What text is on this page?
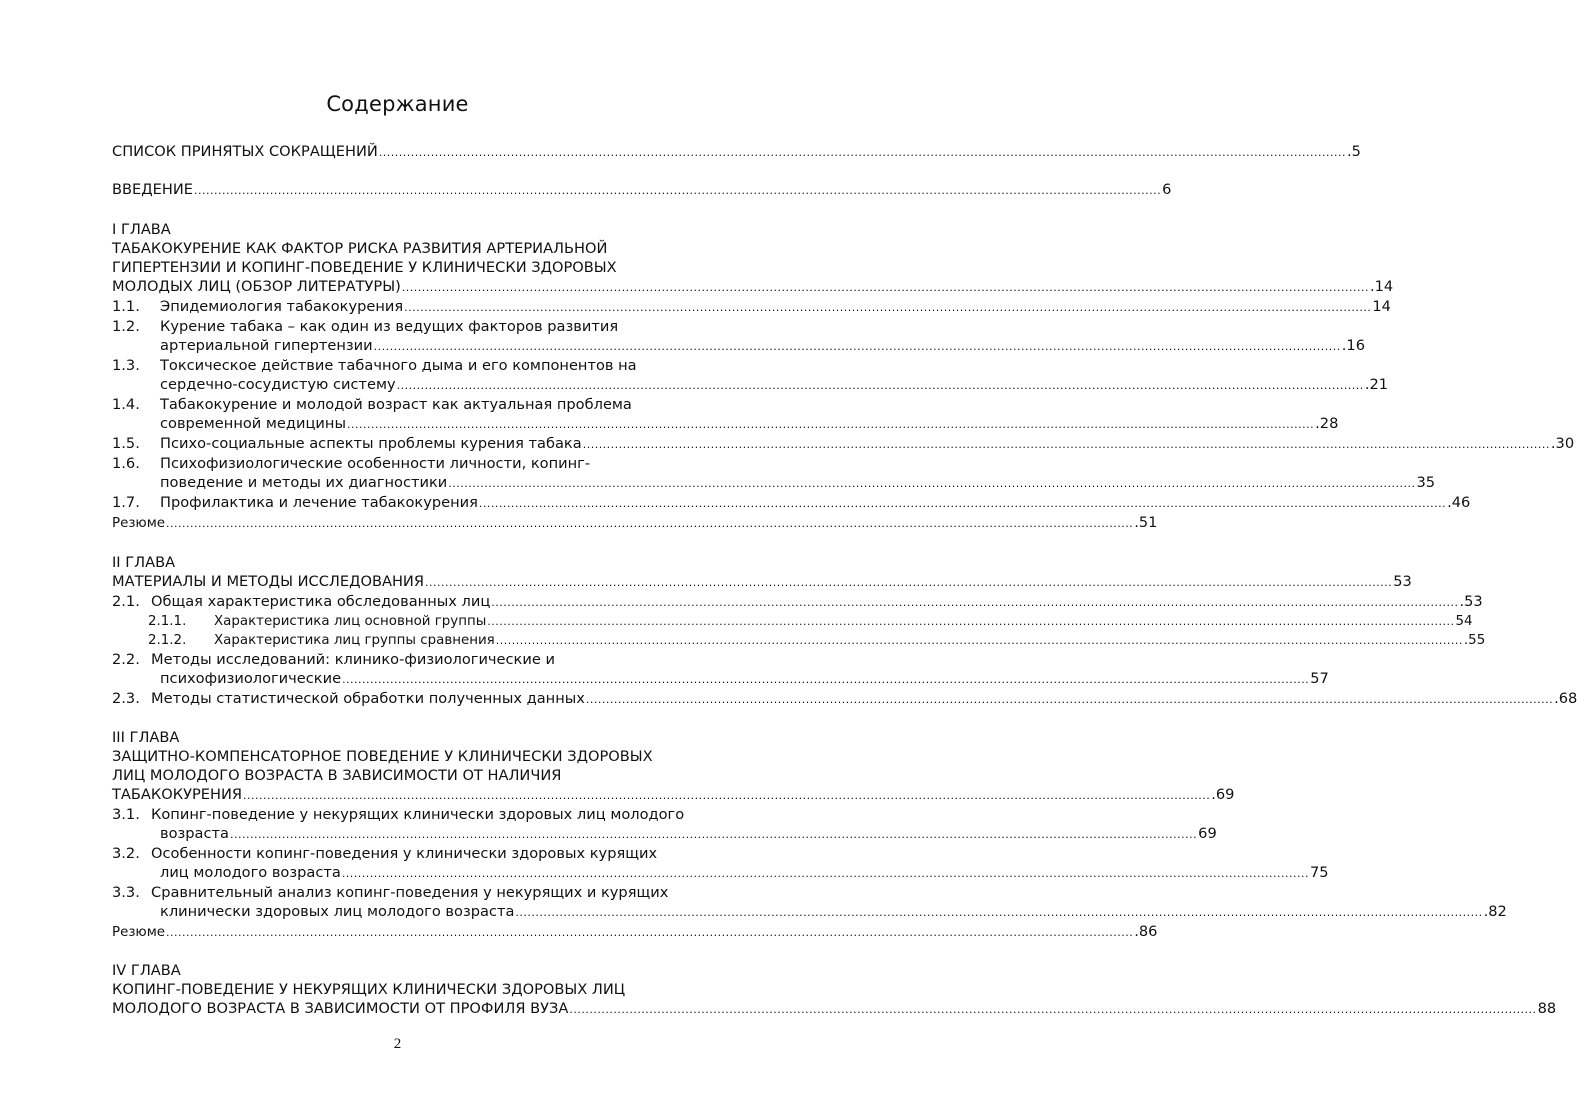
Содержание
СПИСОК ПРИНЯТЫХ СОКРАЩЕНИЙ .....	.5
ВВЕДЕНИЕ .....	6
I ГЛАВА
ТАБАКОКУРЕНИЕ КАК ФАКТОР РИСКА РАЗВИТИЯ АРТЕРИАЛЬНОЙ
ГИПЕРТЕНЗИИ И КОПИНГ-ПОВЕДЕНИЕ У КЛИНИЧЕСКИ ЗДОРОВЫХ
МОЛОДЫХ ЛИЦ (ОБЗОР ЛИТЕРАТУРЫ) .....	.14
1.1.	Эпидемиология табакокурения .....	14
1.2.	Курение табака – как один из ведущих факторов развития
артериальной гипертензии .....	.16
1.3.	Токсическое действие табачного дыма и его компонентов на
сердечно-сосудистую систему .....	.21
1.4.	Табакокурение и молодой возраст как актуальная проблема
современной медицины .....	.28
1.5.	Психо-социальные аспекты проблемы курения табака .....	.30
1.6.	Психофизиологические особенности личности, копинг-
поведение и методы их диагностики .....	35
1.7.	Профилактика и лечение табакокурения .....	.46
Резюме .....	.51
II ГЛАВА
МАТЕРИАЛЫ И МЕТОДЫ ИССЛЕДОВАНИЯ .....	53
2.1. Общая характеристика обследованных лиц .....	.53
2.1.1.	Характеристика лиц основной группы .....	54
2.1.2.	Характеристика лиц группы сравнения .....	.55
2.2. Методы исследований: клинико-физиологические и
психофизиологические .....	57
2.3. Методы статистической обработки полученных данных .....	.68
III ГЛАВА
ЗАЩИТНО-КОМПЕНСАТОРНОЕ ПОВЕДЕНИЕ У КЛИНИЧЕСКИ ЗДОРОВЫХ
ЛИЦ МОЛОДОГО ВОЗРАСТА В ЗАВИСИМОСТИ ОТ НАЛИЧИЯ
ТАБАКОКУРЕНИЯ .....	.69
3.1. Копинг-поведение у некурящих клинически здоровых лиц молодого
возраста .....	69
3.2. Особенности копинг-поведения у клинически здоровых курящих
лиц молодого возраста .....	75
3.3. Сравнительный анализ копинг-поведения у некурящих и курящих
клинически здоровых лиц молодого возраста .....	.82
Резюме .....	.86
IV ГЛАВА
КОПИНГ-ПОВЕДЕНИЕ У НЕКУРЯЩИХ КЛИНИЧЕСКИ ЗДОРОВЫХ ЛИЦ
МОЛОДОГО ВОЗРАСТА В ЗАВИСИМОСТИ ОТ ПРОФИЛЯ ВУЗА .....	88
2
